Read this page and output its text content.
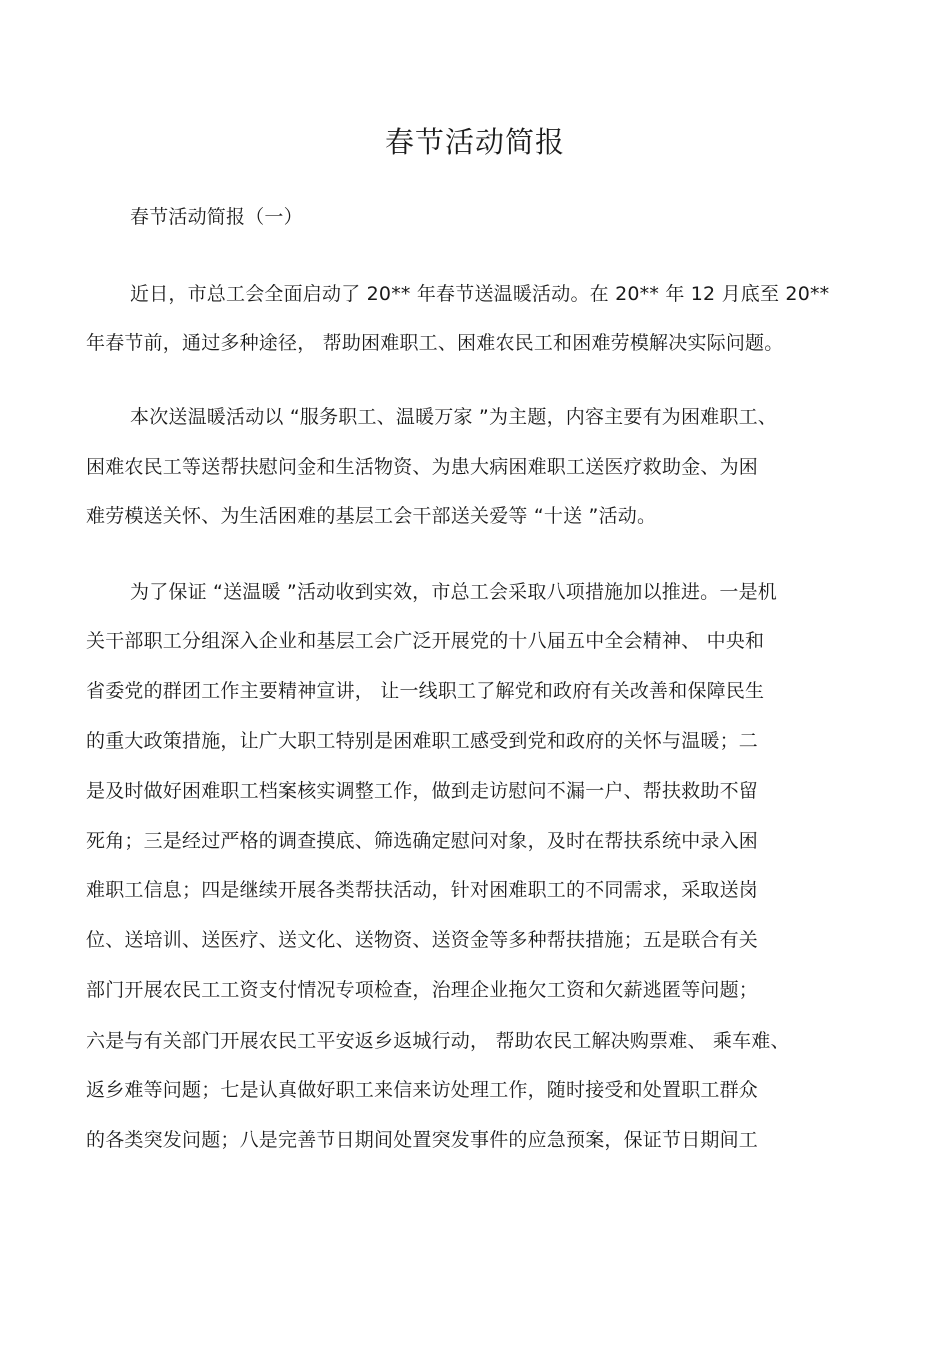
春节活动简报
春节活动简报（一）
近日，市总工会全面启动了 20** 年春节送温暖活动。在 20** 年 12 月底至 20**
年春节前，通过多种途径， 帮助困难职工、困难农民工和困难劳模解决实际问题。
本次送温暖活动以 “服务职工、温暖万家 ”为主题，内容主要有为困难职工、
困难农民工等送帮扶慰问金和生活物资、为患大病困难职工送医疗救助金、为困
难劳模送关怀、为生活困难的基层工会干部送关爱等 “十送 ”活动。
为了保证 “送温暖 ”活动收到实效，市总工会采取八项措施加以推进。一是机
关干部职工分组深入企业和基层工会广泛开展党的十八届五中全会精神、 中央和
省委党的群团工作主要精神宣讲， 让一线职工了解党和政府有关改善和保障民生
的重大政策措施，让广大职工特别是困难职工感受到党和政府的关怀与温暖；二
是及时做好困难职工档案核实调整工作，做到走访慰问不漏一户、帮扶救助不留
死角；三是经过严格的调查摸底、筛选确定慰问对象，及时在帮扶系统中录入困
难职工信息；四是继续开展各类帮扶活动，针对困难职工的不同需求，采取送岗
位、送培训、送医疗、送文化、送物资、送资金等多种帮扶措施；五是联合有关
部门开展农民工工资支付情况专项检查，治理企业拖欠工资和欠薪逃匿等问题；
六是与有关部门开展农民工平安返乡返城行动， 帮助农民工解决购票难、 乘车难、
返乡难等问题；七是认真做好职工来信来访处理工作，随时接受和处置职工群众
的各类突发问题；八是完善节日期间处置突发事件的应急预案，保证节日期间工
